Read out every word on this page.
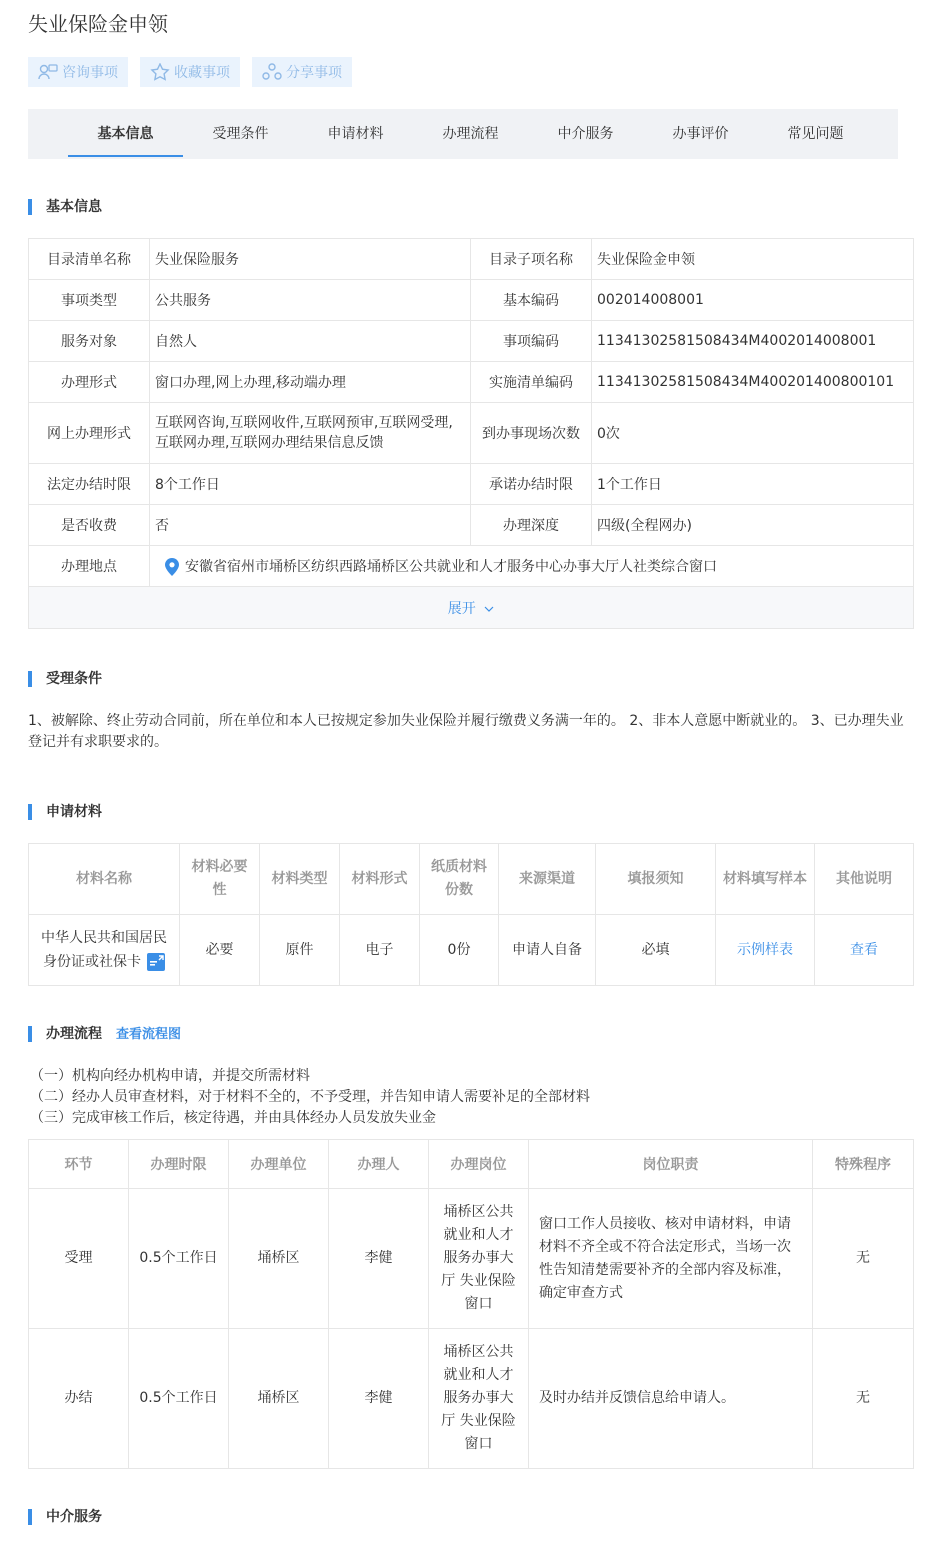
失业保险金申领
咨询事项	收藏事项	分享事项
基本信息	受理条件	申请材料	办理流程	中介服务	办事评价	常见问题
基本信息
目录清单名称	失业保险服务	目录子项名称	失业保险金申领
事项类型	公共服务	基本编码	002014008001
服务对象	自然人	事项编码	11341302581508434M4002014008001
办理形式	窗口办理,网上办理,移动端办理	实施清单编码	11341302581508434M400201400800101
网上办理形式	互联网咨询,互联网收件,互联网预审,互联网受理,互联网办理,互联网办理结果信息反馈	到办事现场次数	0次
法定办结时限	8个工作日	承诺办结时限	1个工作日
是否收费	否	办理深度	四级(全程网办)
办理地点	安徽省宿州市埇桥区纺织西路埇桥区公共就业和人才服务中心办事大厅人社类综合窗口		
展开			
受理条件
1、被解除、终止劳动合同前，所在单位和本人已按规定参加失业保险并履行缴费义务满一年的。 2、非本人意愿中断就业的。 3、已办理失业登记并有求职要求的。
申请材料
材料名称	材料必要性	材料类型	材料形式	纸质材料份数	来源渠道	填报须知	材料填写样本	其他说明
中华人民共和国居民身份证或社保卡	必要	原件	电子	0份	申请人自备	必填	示例样表	查看
办理流程 查看流程图
（一）机构向经办机构申请，并提交所需材料
（二）经办人员审查材料，对于材料不全的，不予受理，并告知申请人需要补足的全部材料
（三）完成审核工作后，核定待遇，并由具体经办人员发放失业金
环节	办理时限	办理单位	办理人	办理岗位	岗位职责	特殊程序
受理	0.5个工作日	埇桥区	李健	埇桥区公共就业和人才服务办事大厅 失业保险窗口	窗口工作人员接收、核对申请材料，申请材料不齐全或不符合法定形式，当场一次性告知清楚需要补齐的全部内容及标准，确定审查方式	无
办结	0.5个工作日	埇桥区	李健	埇桥区公共就业和人才服务办事大厅 失业保险窗口	及时办结并反馈信息给申请人。	无
中介服务
